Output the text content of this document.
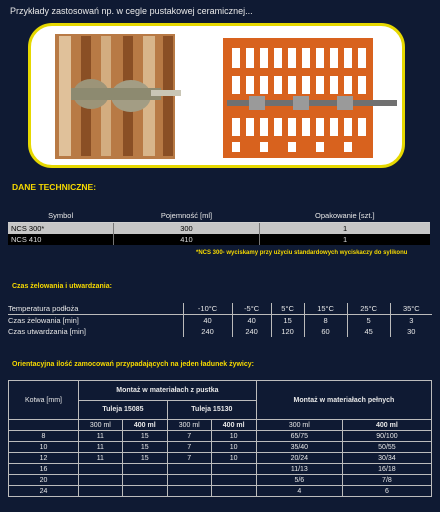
Przykłady zastosowań np. w cegle pustakowej ceramicznej...
DANE TECHNICZNE:
Symbol	Pojemność [ml]	Opakowanie [szt.]
NCS 300*	300	1
NCS 410	410	1
*NCS 300- wyciskamy przy użyciu standardowych wyciskaczy do sylikonu
Czas żelowania i utwardzania:
Temperatura podłoża	-10°C	-5°C	5°C	15°C	25°C	35°C
Czas żelowania [min]	40	40	15	8	5	3
Czas utwardzania [min]	240	240	120	60	45	30
Orientacyjna ilość zamocowań przypadających na jeden ładunek żywicy:
Kotwa [mm]	Montaż w materiałach z pustka				Montaż w materiałach pełnych	
	Tuleja 15085		Tuleja 15130			
	300 ml	400 ml	300 ml	400 ml	300 ml	400 ml
8	11	15	7	10	65/75	90/100
10	11	15	7	10	35/40	50/55
12	11	15	7	10	20/24	30/34
16					11/13	16/18
20					5/6	7/8
24					4	6
